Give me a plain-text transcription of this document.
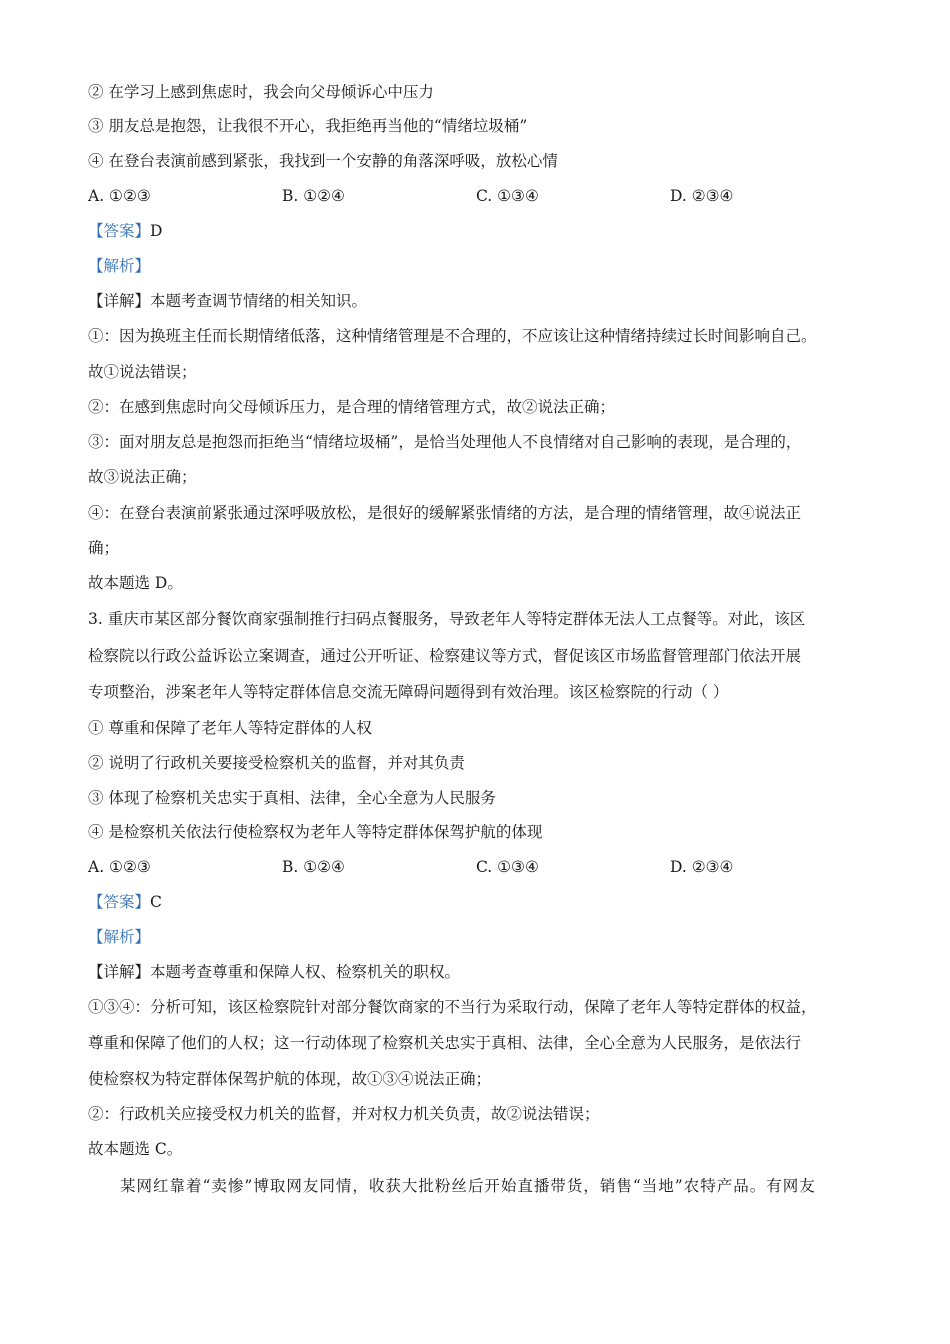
② 在学习上感到焦虑时，我会向父母倾诉心中压力
③ 朋友总是抱怨，让我很不开心，我拒绝再当他的“情绪垃圾桶”
④ 在登台表演前感到紧张，我找到一个安静的角落深呼吸，放松心情
A. ①②③	B. ①②④	C. ①③④	D. ②③④
【答案】D
【解析】
【详解】本题考查调节情绪的相关知识。
①：因为换班主任而长期情绪低落，这种情绪管理是不合理的，不应该让这种情绪持续过长时间影响自己。
故①说法错误；
②：在感到焦虑时向父母倾诉压力，是合理的情绪管理方式，故②说法正确；
③：面对朋友总是抱怨而拒绝当“情绪垃圾桶”，是恰当处理他人不良情绪对自己影响的表现，是合理的，
故③说法正确；
④：在登台表演前紧张通过深呼吸放松，是很好的缓解紧张情绪的方法，是合理的情绪管理，故④说法正
确；
故本题选 D。
3. 重庆市某区部分餐饮商家强制推行扫码点餐服务，导致老年人等特定群体无法人工点餐等。对此，该区
检察院以行政公益诉讼立案调查，通过公开听证、检察建议等方式，督促该区市场监督管理部门依法开展
专项整治，涉案老年人等特定群体信息交流无障碍问题得到有效治理。该区检察院的行动（ ）
① 尊重和保障了老年人等特定群体的人权
② 说明了行政机关要接受检察机关的监督，并对其负责
③ 体现了检察机关忠实于真相、法律，全心全意为人民服务
④ 是检察机关依法行使检察权为老年人等特定群体保驾护航的体现
A. ①②③	B. ①②④	C. ①③④	D. ②③④
【答案】C
【解析】
【详解】本题考查尊重和保障人权、检察机关的职权。
①③④：分析可知，该区检察院针对部分餐饮商家的不当行为采取行动，保障了老年人等特定群体的权益，
尊重和保障了他们的人权；这一行动体现了检察机关忠实于真相、法律，全心全意为人民服务，是依法行
使检察权为特定群体保驾护航的体现，故①③④说法正确；
②：行政机关应接受权力机关的监督，并对权力机关负责，故②说法错误；
故本题选 C。
某网红靠着“卖惨”博取网友同情，收获大批粉丝后开始直播带货，销售“当地”农特产品。有网友
